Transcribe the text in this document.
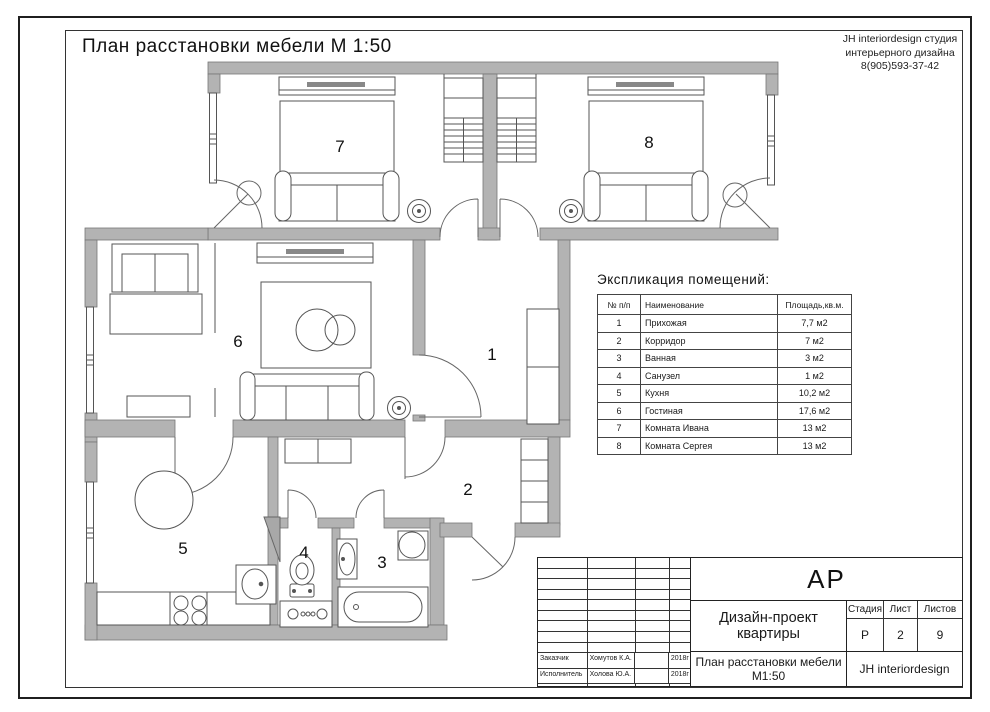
План расстановки мебели М 1:50	JH interiordesign студия
интерьерного дизайна
8(905)593-37-42
1
2
3
4
5
6
7	8
Экспликация помещений:
№ п/п	Наименование	Площадь,кв.м.
1	Прихожая	7,7 м2
2	Корридор	7 м2
3	Ванная	3 м2
4	Санузел	1 м2
5	Кухня	10,2 м2
6	Гостиная	17,6 м2
7	Комната Ивана	13 м2
8	Комната Сергея	13 м2
Заказчик	Хомутов К.А.	2018г
Исполнитель	Холова Ю.А.	2018г
АР
Дизайн-проект квартиры
Стадия Лист	Листов
Р	2	9
План расстановки мебели М1:50	JH interiordesign
